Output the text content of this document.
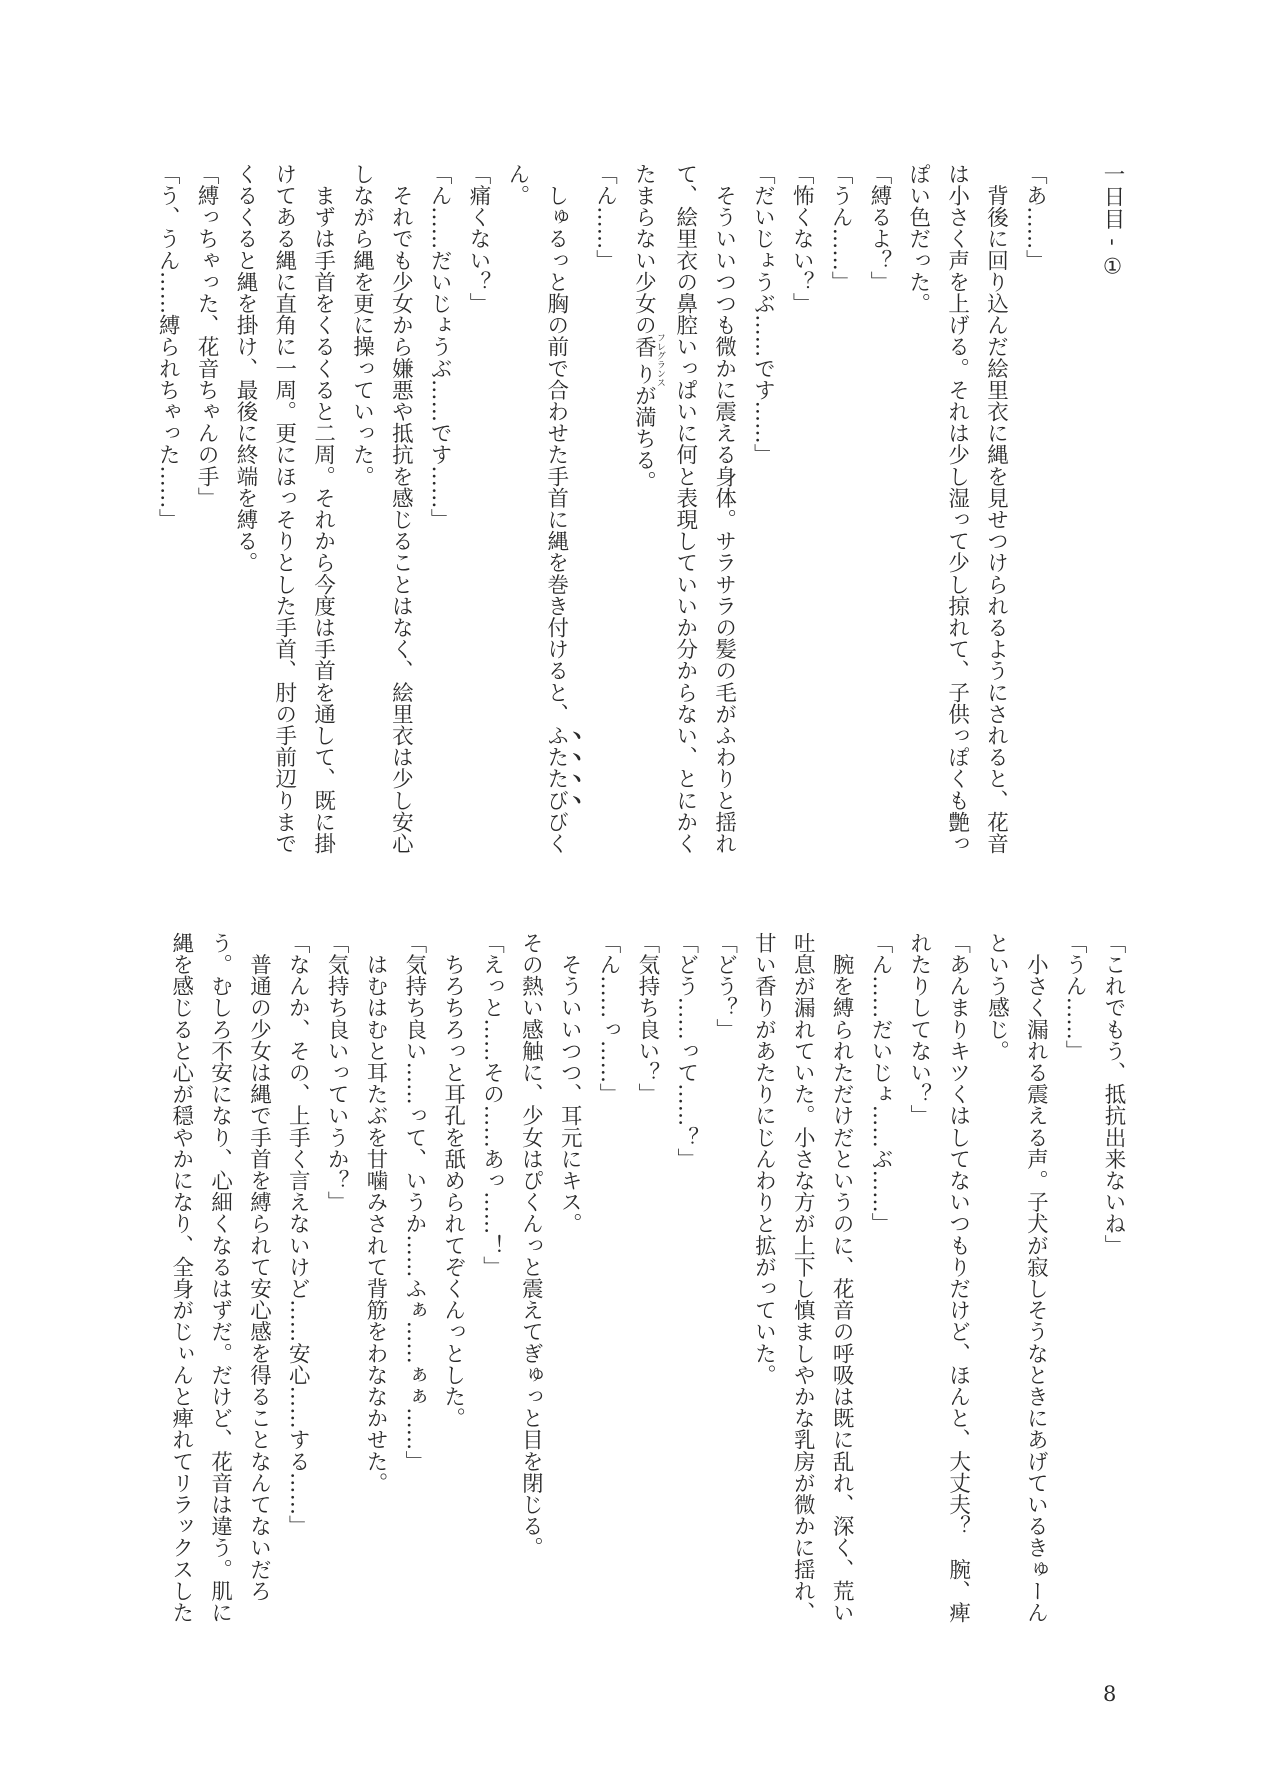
一日目 - ①
「あ……」
　背後に回り込んだ絵里衣に縄を見せつけられるようにされると、花音
は小さく声を上げる。それは少し湿って少し掠れて、子供っぽくも艶っ
ぽい色だった。
「縛るよ？」
「うん……」
「怖くない？」
「だいじょうぶ……です……」
　そういいつつも微かに震える身体。サラサラの髪の毛がふわりと揺れ
て、絵里衣の鼻腔いっぱいに何と表現していいか分からない、とにかく
たまらない少女の香りフレグランスが満ちる。
「ん……」
　しゅるっと胸の前で合わせた手首に縄を巻き付けると、ふたたびびく
ん。
「痛くない？」
「ん……だいじょうぶ……です……」
　それでも少女から嫌悪や抵抗を感じることはなく、絵里衣は少し安心
しながら縄を更に操っていった。
　まずは手首をくるくると二周。それから今度は手首を通して、既に掛
けてある縄に直角に一周。更にほっそりとした手首、肘の手前辺りまで
くるくると縄を掛け、最後に終端を縛る。
「縛っちゃった、花音ちゃんの手」
「う、うん……縛られちゃった……」
「これでもう、抵抗出来ないね」
「うん……」
　小さく漏れる震える声。子犬が寂しそうなときにあげているきゅーん
という感じ。
「あんまりキツくはしてないつもりだけど、ほんと、大丈夫？　腕、痺
れたりしてない？」
「ん……だいじょ……ぶ……」
　腕を縛られただけだというのに、花音の呼吸は既に乱れ、深く、荒い
吐息が漏れていた。小さな方が上下し慎ましやかな乳房が微かに揺れ、
甘い香りがあたりにじんわりと拡がっていた。
「どう？」
「どう……って……？」
「気持ち良い？」
「ん……っ……」
　そういいつつ、耳元にキス。
その熱い感触に、少女はぴくんっと震えてぎゅっと目を閉じる。
「えっと……その……あっ……！」
　ちろちろっと耳孔を舐められてぞくんっとした。
「気持ち良い……って、いうか……ふぁ……ぁぁ……」
　はむはむと耳たぶを甘噛みされて背筋をわななかせた。
「気持ち良いっていうか？」
「なんか、その、上手く言えないけど……安心……する……」
　普通の少女は縄で手首を縛られて安心感を得ることなんてないだろ
う。むしろ不安になり、心細くなるはずだ。だけど、花音は違う。肌に
縄を感じると心が穏やかになり、全身がじぃんと痺れてリラックスした
8
